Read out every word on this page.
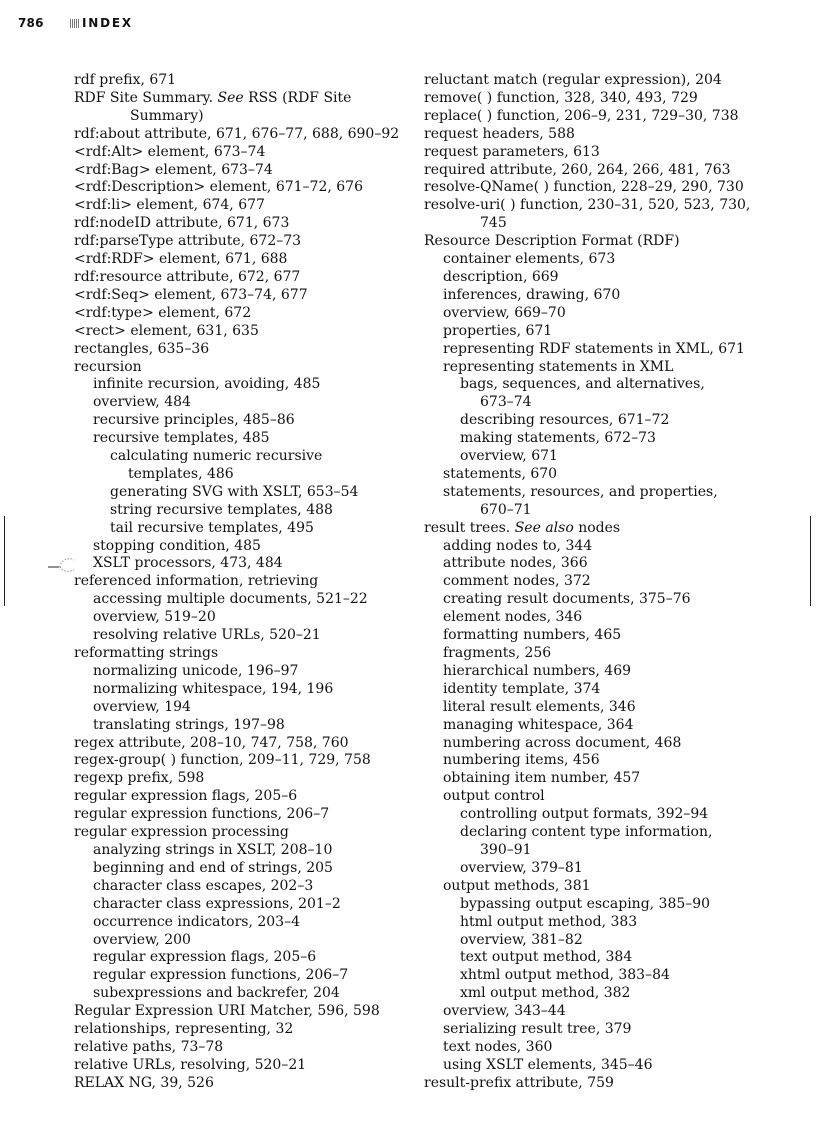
786	INDEX

rdf prefix, 671

RDF Site Summary. See RSS (RDF Site

Summary)

rdf:about attribute, 671, 676–77, 688, 690–92

<rdf:Alt> element, 673–74

<rdf:Bag> element, 673–74

<rdf:Description> element, 671–72, 676

<rdf:li> element, 674, 677

rdf:nodeID attribute, 671, 673

rdf:parseType attribute, 672–73

<rdf:RDF> element, 671, 688

rdf:resource attribute, 672, 677

<rdf:Seq> element, 673–74, 677

<rdf:type> element, 672

<rect> element, 631, 635

rectangles, 635–36

recursion

infinite recursion, avoiding, 485

overview, 484

recursive principles, 485–86

recursive templates, 485

calculating numeric recursive

templates, 486

generating SVG with XSLT, 653–54

string recursive templates, 488

tail recursive templates, 495

stopping condition, 485

XSLT processors, 473, 484

referenced information, retrieving

accessing multiple documents, 521–22

overview, 519–20

resolving relative URLs, 520–21

reformatting strings

normalizing unicode, 196–97

normalizing whitespace, 194, 196

overview, 194

translating strings, 197–98

regex attribute, 208–10, 747, 758, 760

regex-group( ) function, 209–11, 729, 758

regexp prefix, 598

regular expression flags, 205–6

regular expression functions, 206–7

regular expression processing

analyzing strings in XSLT, 208–10

beginning and end of strings, 205

character class escapes, 202–3

character class expressions, 201–2

occurrence indicators, 203–4

overview, 200

regular expression flags, 205–6

regular expression functions, 206–7

subexpressions and backrefer, 204

Regular Expression URI Matcher, 596, 598

relationships, representing, 32

relative paths, 73–78

relative URLs, resolving, 520–21

RELAX NG, 39, 526

reluctant match (regular expression), 204

remove( ) function, 328, 340, 493, 729

replace( ) function, 206–9, 231, 729–30, 738

request headers, 588

request parameters, 613

required attribute, 260, 264, 266, 481, 763

resolve-QName( ) function, 228–29, 290, 730

resolve-uri( ) function, 230–31, 520, 523, 730,

745

Resource Description Format (RDF)

container elements, 673

description, 669

inferences, drawing, 670

overview, 669–70

properties, 671

representing RDF statements in XML, 671

representing statements in XML

bags, sequences, and alternatives,

673–74

describing resources, 671–72

making statements, 672–73

overview, 671

statements, 670

statements, resources, and properties,

670–71

result trees. See also nodes

adding nodes to, 344

attribute nodes, 366

comment nodes, 372

creating result documents, 375–76

element nodes, 346

formatting numbers, 465

fragments, 256

hierarchical numbers, 469

identity template, 374

literal result elements, 346

managing whitespace, 364

numbering across document, 468

numbering items, 456

obtaining item number, 457

output control

controlling output formats, 392–94

declaring content type information,

390–91

overview, 379–81

output methods, 381

bypassing output escaping, 385–90

html output method, 383

overview, 381–82

text output method, 384

xhtml output method, 383–84

xml output method, 382

overview, 343–44

serializing result tree, 379

text nodes, 360

using XSLT elements, 345–46

result-prefix attribute, 759
